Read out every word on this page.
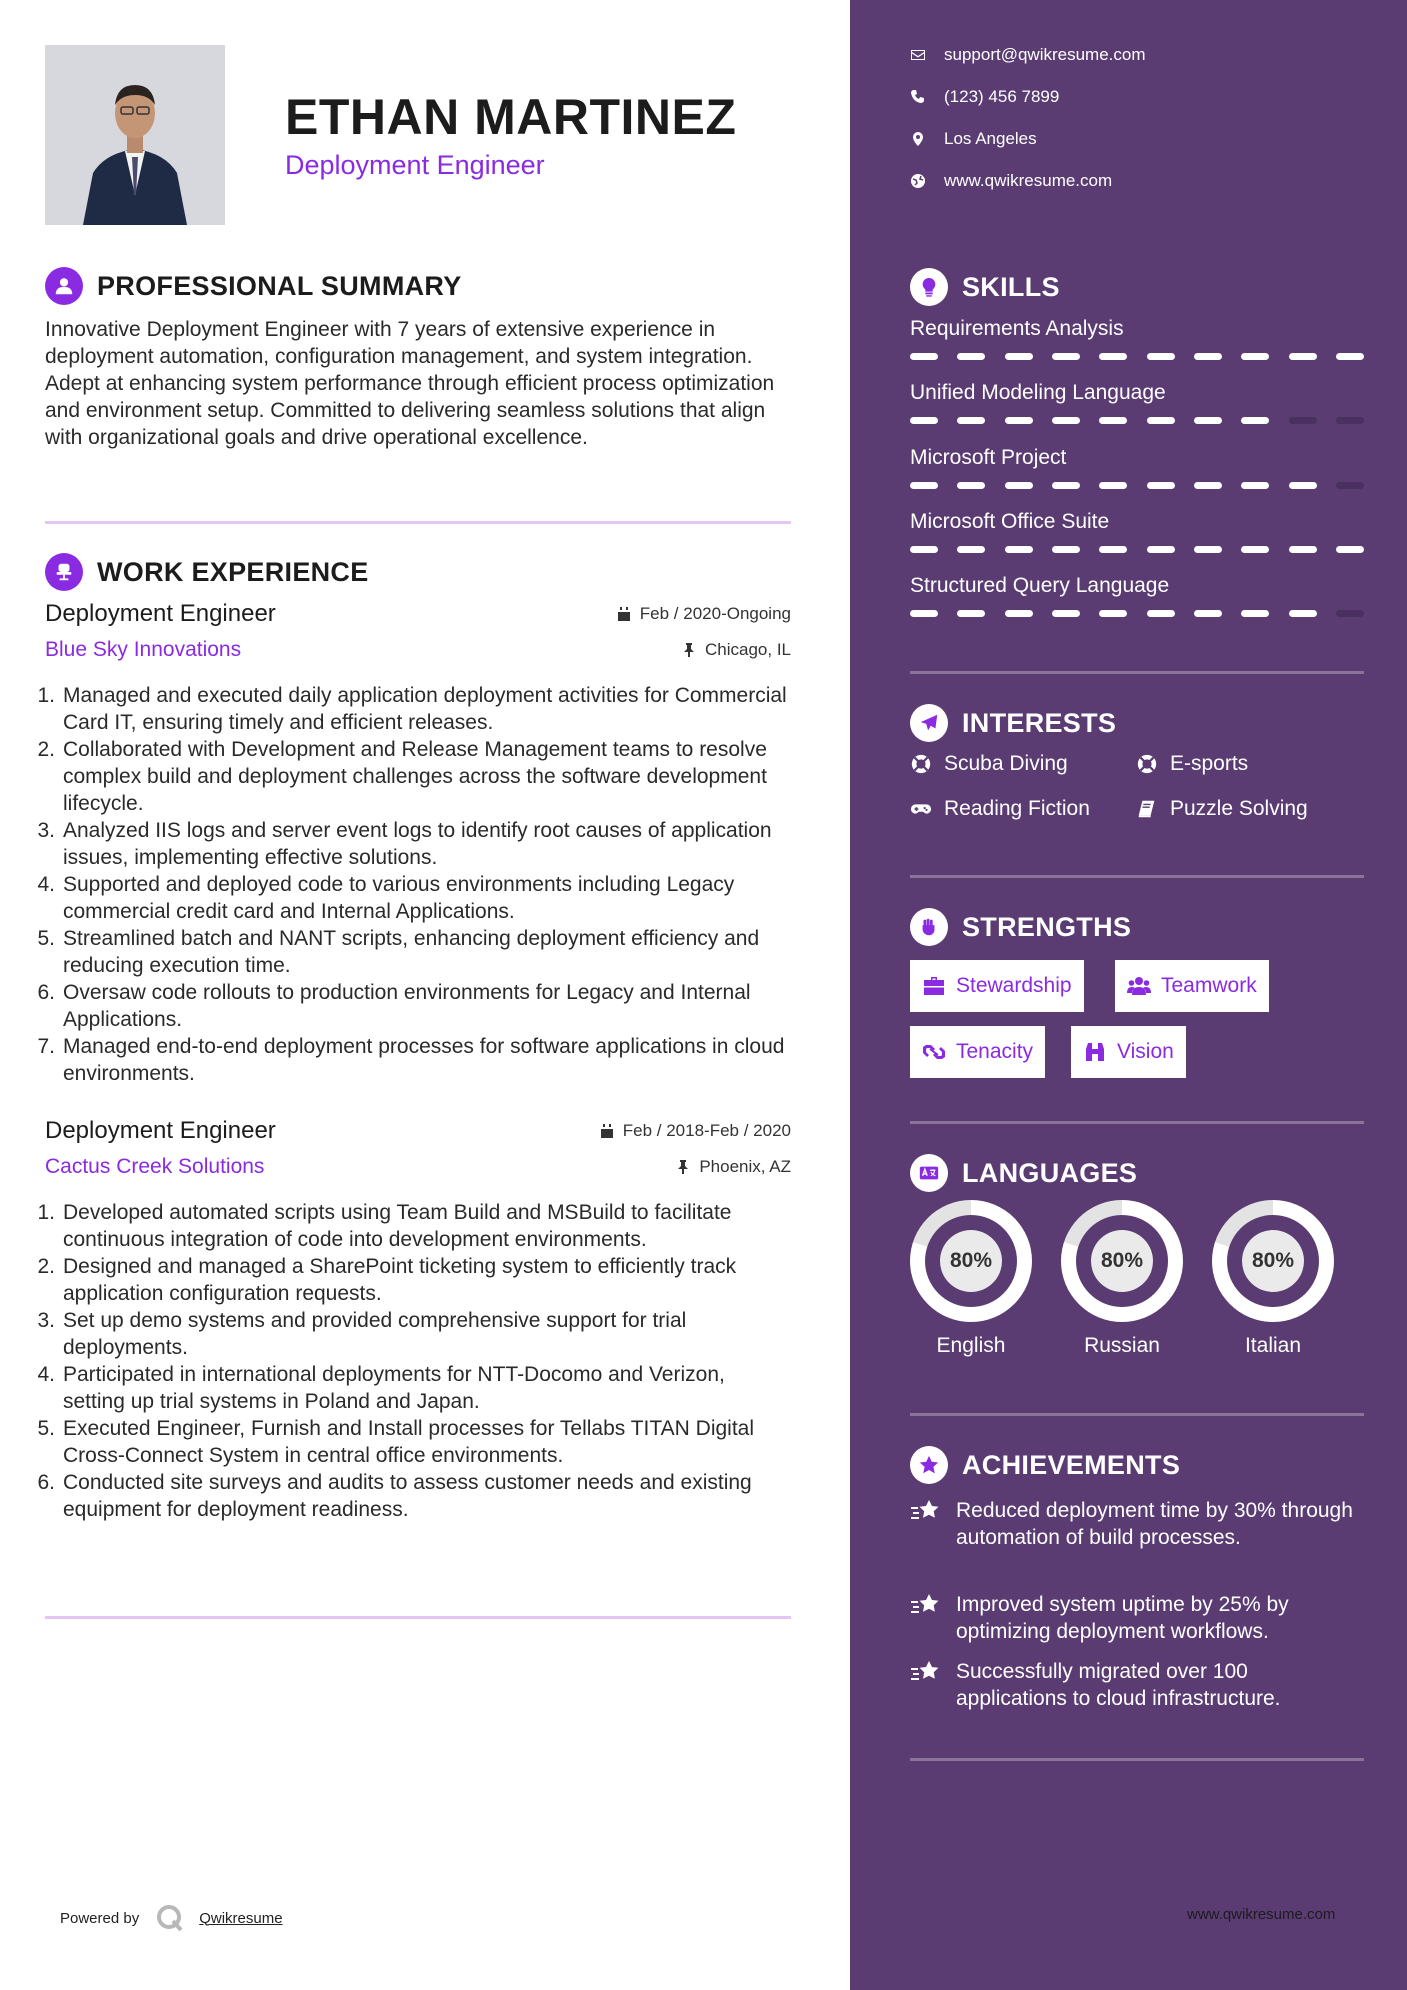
ETHAN MARTINEZ
Deployment Engineer
PROFESSIONAL SUMMARY
Innovative Deployment Engineer with 7 years of extensive experience in deployment automation, configuration management, and system integration. Adept at enhancing system performance through efficient process optimization and environment setup. Committed to delivering seamless solutions that align with organizational goals and drive operational excellence.
WORK EXPERIENCE
Deployment Engineer	Feb / 2020-Ongoing
Blue Sky Innovations	Chicago, IL
1. Managed and executed daily application deployment activities for Commercial Card IT, ensuring timely and efficient releases.
2. Collaborated with Development and Release Management teams to resolve complex build and deployment challenges across the software development lifecycle.
3. Analyzed IIS logs and server event logs to identify root causes of application issues, implementing effective solutions.
4. Supported and deployed code to various environments including Legacy commercial credit card and Internal Applications.
5. Streamlined batch and NANT scripts, enhancing deployment efficiency and reducing execution time.
6. Oversaw code rollouts to production environments for Legacy and Internal Applications.
7. Managed end-to-end deployment processes for software applications in cloud environments.
Deployment Engineer	Feb / 2018-Feb / 2020
Cactus Creek Solutions	Phoenix, AZ
1. Developed automated scripts using Team Build and MSBuild to facilitate continuous integration of code into development environments.
2. Designed and managed a SharePoint ticketing system to efficiently track application configuration requests.
3. Set up demo systems and provided comprehensive support for trial deployments.
4. Participated in international deployments for NTT-Docomo and Verizon, setting up trial systems in Poland and Japan.
5. Executed Engineer, Furnish and Install processes for Tellabs TITAN Digital Cross-Connect System in central office environments.
6. Conducted site surveys and audits to assess customer needs and existing equipment for deployment readiness.
Powered by	Qwikresume
support@qwikresume.com
(123) 456 7899
Los Angeles
www.qwikresume.com
SKILLS
Requirements Analysis
Unified Modeling Language
Microsoft Project
Microsoft Office Suite
Structured Query Language
INTERESTS
Scuba Diving	E-sports
Reading Fiction	Puzzle Solving
STRENGTHS
Stewardship	Teamwork
Tenacity	Vision
LANGUAGES
80%
English
80%
Russian
80%
Italian
ACHIEVEMENTS
Reduced deployment time by 30% through automation of build processes.
Improved system uptime by 25% by optimizing deployment workflows.
Successfully migrated over 100 applications to cloud infrastructure.
www.qwikresume.com
